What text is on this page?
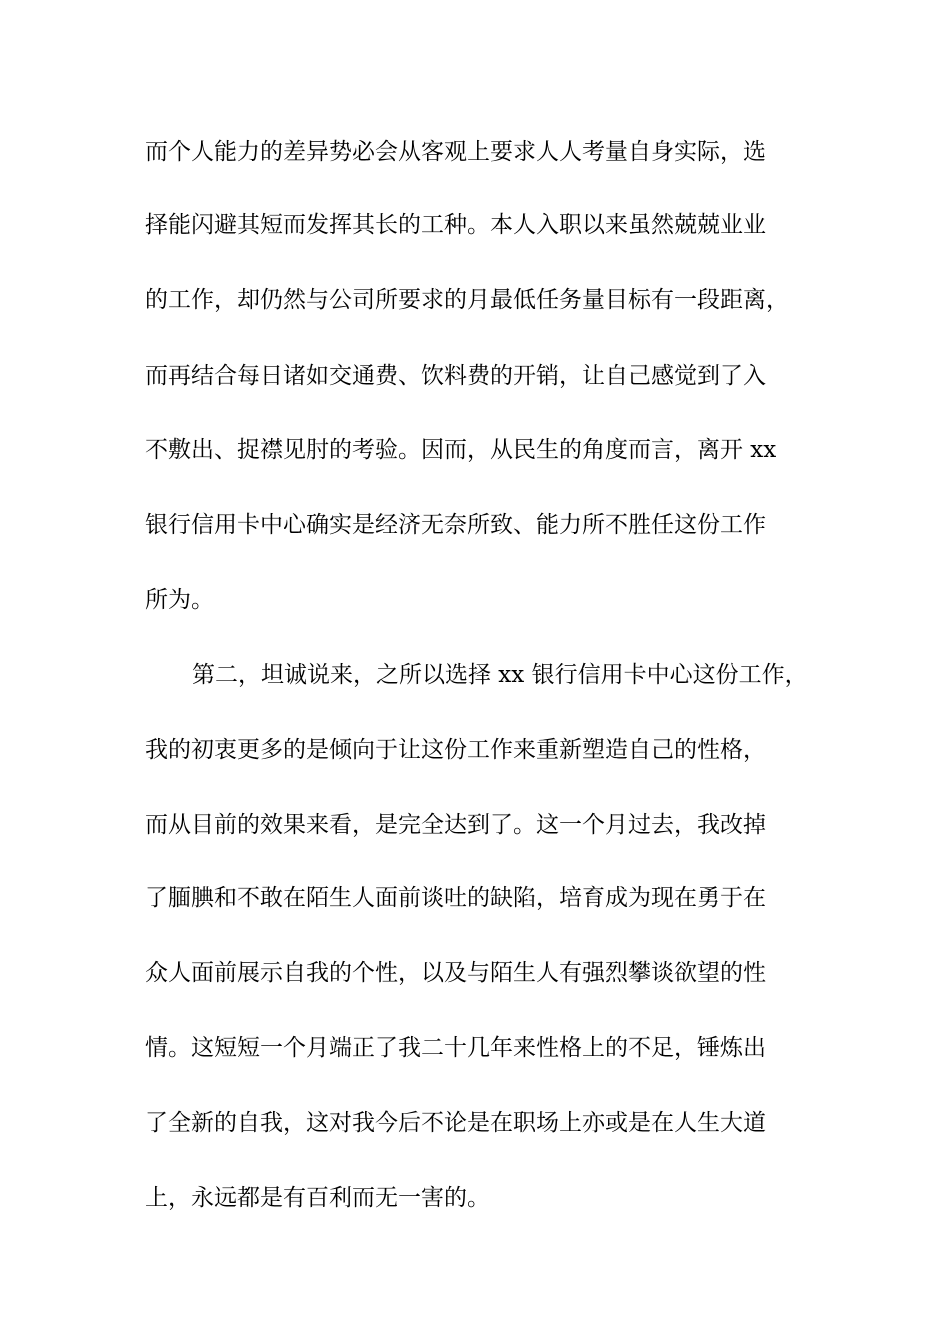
而个人能力的差异势必会从客观上要求人人考量自身实际，选
择能闪避其短而发挥其长的工种。本人入职以来虽然兢兢业业
的工作，却仍然与公司所要求的月最低任务量目标有一段距离，
而再结合每日诸如交通费、饮料费的开销，让自己感觉到了入
不敷出、捉襟见肘的考验。因而，从民生的角度而言，离开 xx
银行信用卡中心确实是经济无奈所致、能力所不胜任这份工作
所为。
第二，坦诚说来，之所以选择 xx 银行信用卡中心这份工作，
我的初衷更多的是倾向于让这份工作来重新塑造自己的性格，
而从目前的效果来看，是完全达到了。这一个月过去，我改掉
了腼腆和不敢在陌生人面前谈吐的缺陷，培育成为现在勇于在
众人面前展示自我的个性，以及与陌生人有强烈攀谈欲望的性
情。这短短一个月端正了我二十几年来性格上的不足，锤炼出
了全新的自我，这对我今后不论是在职场上亦或是在人生大道
上，永远都是有百利而无一害的。
